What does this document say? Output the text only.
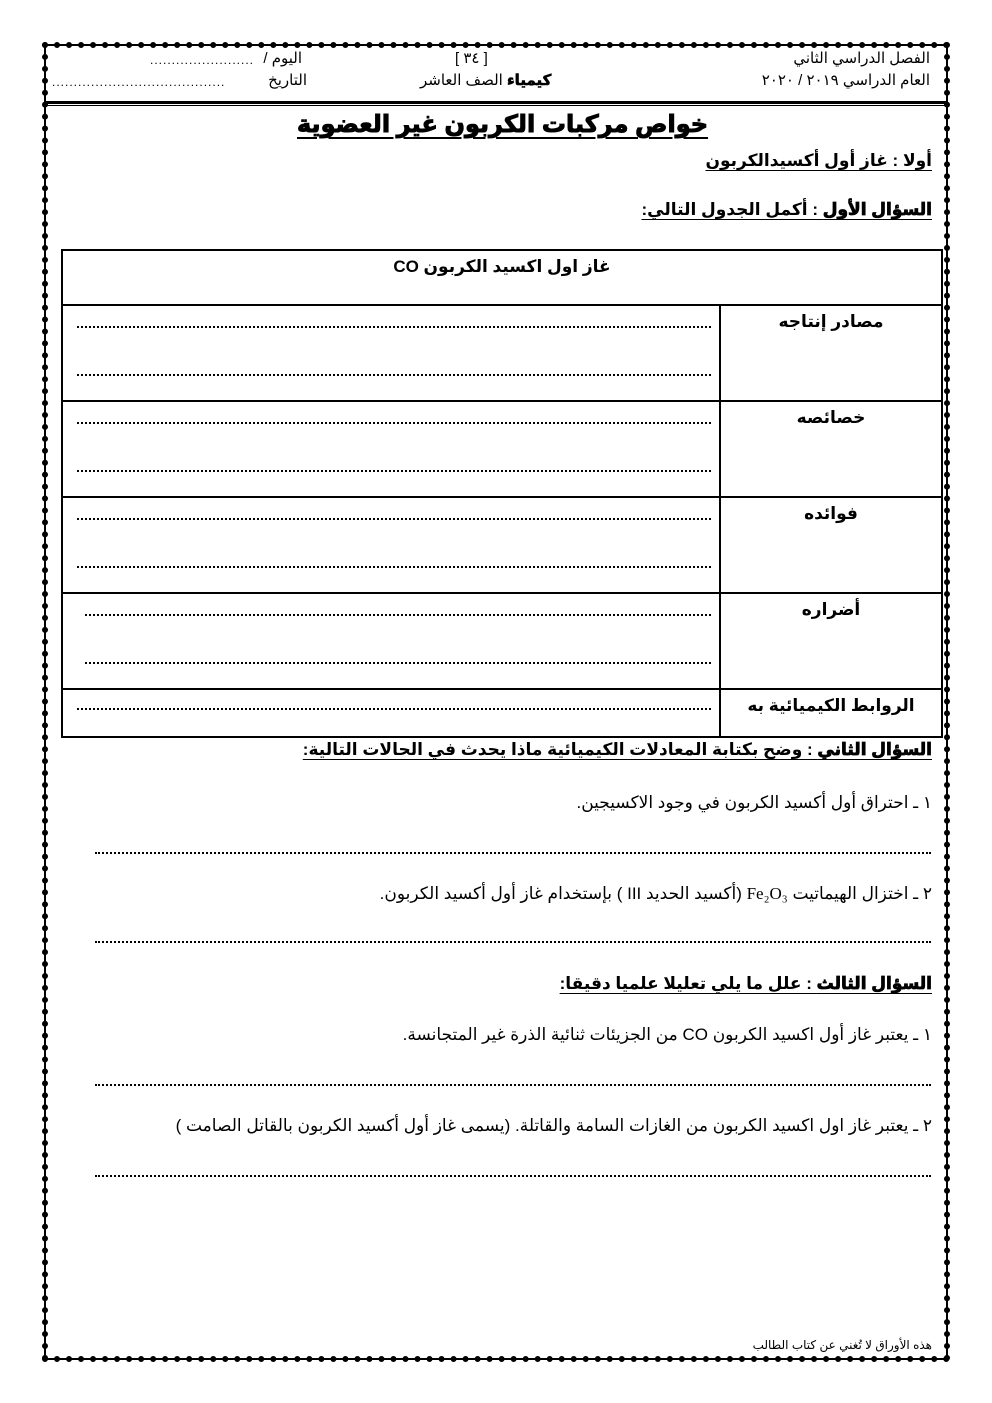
الفصل الدراسي الثاني
العام الدراسي ٢٠١٩ / ٢٠٢٠
[ ٣٤ ]
كيمياء الصف العاشر
اليوم /
........................
التاريخ
........................................
خواص مركبات الكربون غير العضوية
أولا : غاز أول أكسيدالكربون
السؤال الأول : أكمل الجدول التالي:
غاز اول اكسيد الكربون CO	
مصادر إنتاجه	

خصائصه	

فوائده	

أضراره	

الروابط الكيميائية به	
السؤال الثاني : وضح بكتابة المعادلات الكيميائية ماذا يحدث في الحالات التالية:
١ ـ احتراق أول أكسيد الكربون في وجود الاكسيجين.
٢ ـ اختزال الهيماتيت Fe₂O₃ (أكسيد الحديد III ) بإستخدام غاز أول أكسيد الكربون.
السؤال الثالث : علل ما يلي تعليلا علميا دقيقا:
١ ـ يعتبر غاز أول اكسيد الكربون CO من الجزيئات ثنائية الذرة غير المتجانسة.
٢ ـ يعتبر غاز اول اكسيد الكربون من الغازات السامة والقاتلة. (يسمى غاز أول أكسيد الكربون بالقاتل الصامت )
هذه الأوراق لا تُغني عن كتاب الطالب
